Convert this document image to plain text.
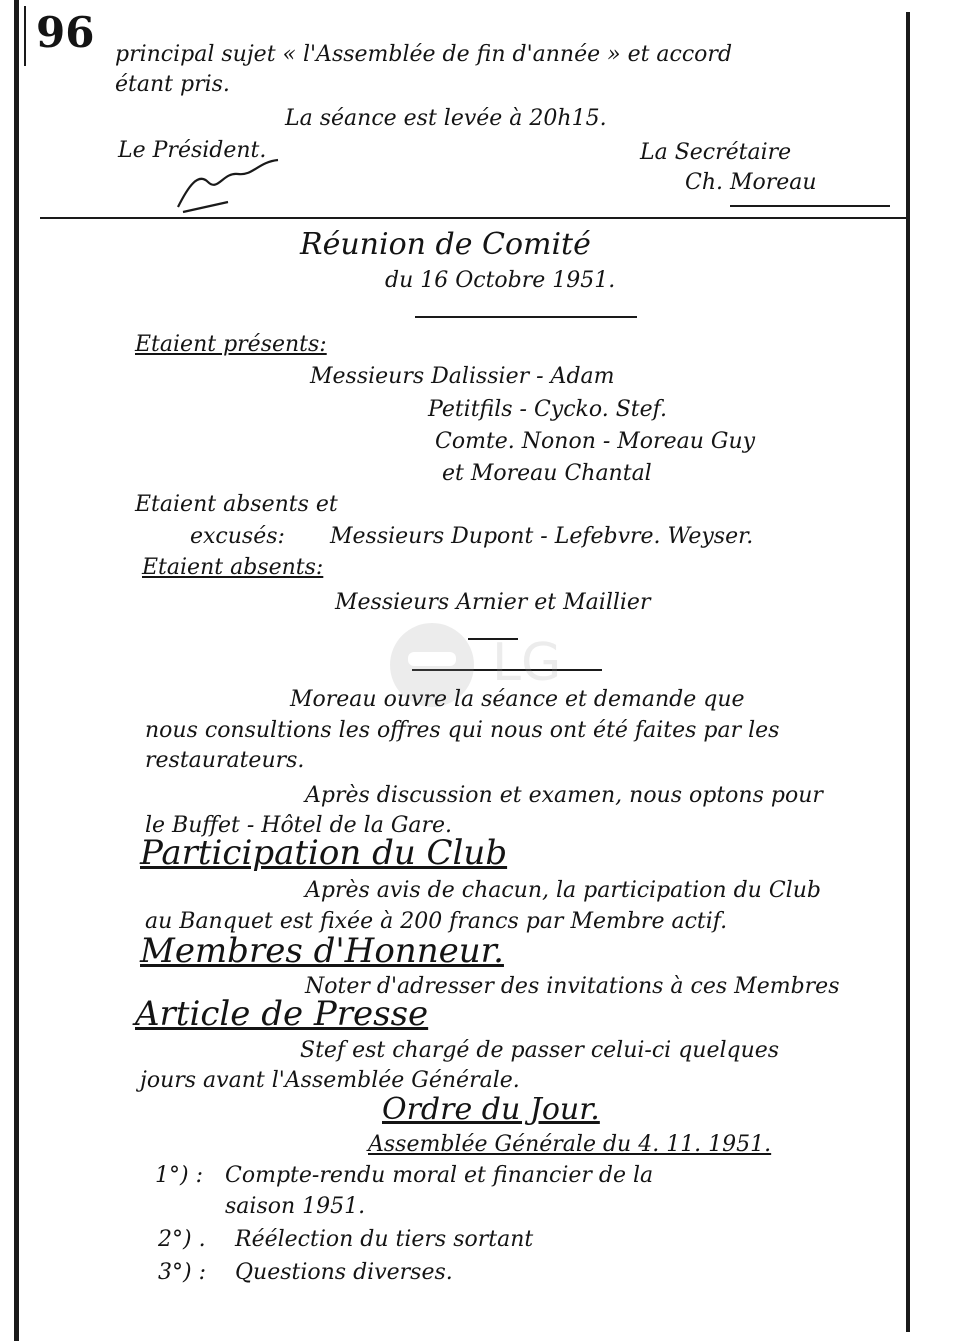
96 principal sujet « l'Assemblée de fin d'année » et accord
étant pris.
La séance est levée à 20h15.
Le Président.	La Secrétaire
Ch. Moreau
Réunion de Comité
du 16 Octobre 1951.
Etaient présents:
Messieurs Dalissier - Adam
Petitfils - Cycko. Stef.
Comte. Nonon - Moreau Guy
et Moreau Chantal
Etaient absents et
excusés: Messieurs Dupont - Lefebvre. Weyser.
Etaient absents:
Messieurs Arnier et Maillier
LG
Moreau ouvre la séance et demande que
nous consultions les offres qui nous ont été faites par les
restaurateurs.
Après discussion et examen, nous optons pour
le Buffet - Hôtel de la Gare.
Participation du Club
Après avis de chacun, la participation du Club
au Banquet est fixée à 200 francs par Membre actif.
Membres d'Honneur.
Noter d'adresser des invitations à ces Membres
Article de Presse
Stef est chargé de passer celui-ci quelques
jours avant l'Assemblée Générale.
Ordre du Jour.
Assemblée Générale du 4. 11. 1951.
1°) : Compte-rendu moral et financier de la
saison 1951.
2°) . Réélection du tiers sortant
3°) : Questions diverses.
